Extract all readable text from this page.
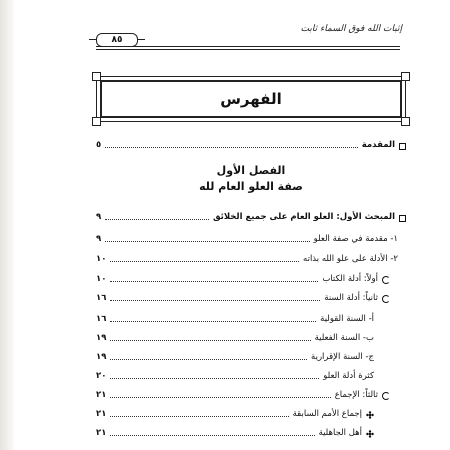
إثبات الله فوق السماء ثابت
٨٥
الفهرس
المقدمة
٥
الفصل الأول
صفة العلو العام لله
المبحث الأول: العلو العام على جميع الخلائق
٩
١- مقدمة في صفة العلو
٩
٢- الأدلة على علو الله بذاته
١٠
أولاً: أدلة الكتاب
١٠
ثانياً: أدلة السنة
١٦
أ- السنة القولية
١٦
ب- السنة الفعلية
١٩
ج- السنة الإقرارية
١٩
كثرة أدلة العلو
٢٠
ثالثاً: الإجماع
٢١
إجماع الأمم السابقة
٢١
أهل الجاهلية
٢١
